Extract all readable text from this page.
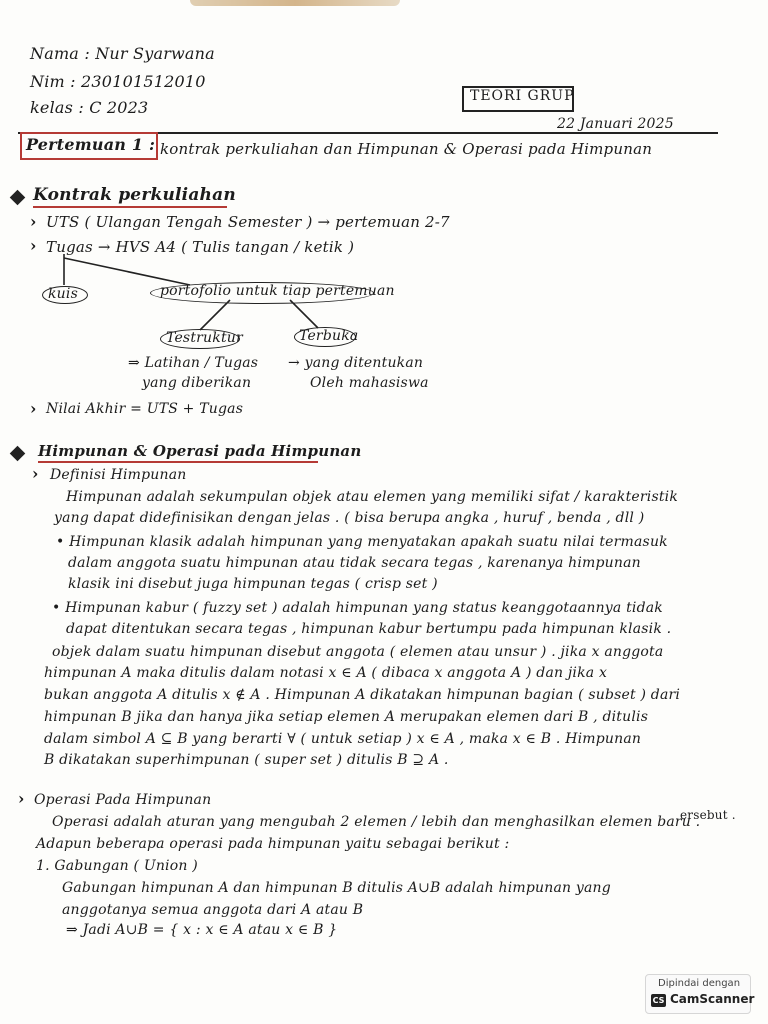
Nama : Nur Syarwana
Nim : 230101512010
kelas : C 2023
TEORI GRUP
22 Januari 2025
Pertemuan 1 : kontrak perkuliahan dan Himpunan & Operasi pada Himpunan
Kontrak perkuliahan
› UTS ( Ulangan Tengah Semester ) → pertemuan 2-7
› Tugas → HVS A4 ( Tulis tangan / ketik )
kuis	portofolio untuk tiap pertemuan
Testruktur	Terbuka
⇒ Latihan / Tugas
yang diberikan
→ yang ditentukan
Oleh mahasiswa
› Nilai Akhir = UTS + Tugas
Himpunan & Operasi pada Himpunan
› Definisi Himpunan
Himpunan adalah sekumpulan objek atau elemen yang memiliki sifat / karakteristik
yang dapat didefinisikan dengan jelas . ( bisa berupa angka , huruf , benda , dll )
• Himpunan klasik adalah himpunan yang menyatakan apakah suatu nilai termasuk
dalam anggota suatu himpunan atau tidak secara tegas , karenanya himpunan
klasik ini disebut juga himpunan tegas ( crisp set )
• Himpunan kabur ( fuzzy set ) adalah himpunan yang status keanggotaannya tidak
dapat ditentukan secara tegas , himpunan kabur bertumpu pada himpunan klasik .
objek dalam suatu himpunan disebut anggota ( elemen atau unsur ) . jika x anggota
himpunan A maka ditulis dalam notasi x ∈ A ( dibaca x anggota A ) dan jika x
bukan anggota A ditulis x ∉ A . Himpunan A dikatakan himpunan bagian ( subset ) dari
himpunan B jika dan hanya jika setiap elemen A merupakan elemen dari B , ditulis
dalam simbol A ⊆ B yang berarti ∀ ( untuk setiap ) x ∈ A , maka x ∈ B . Himpunan
B dikatakan superhimpunan ( super set ) ditulis B ⊇ A .
› Operasi Pada Himpunan
ersebut .
Operasi adalah aturan yang mengubah 2 elemen / lebih dan menghasilkan elemen baru .
Adapun beberapa operasi pada himpunan yaitu sebagai berikut :
1. Gabungan ( Union )
Gabungan himpunan A dan himpunan B ditulis A∪B adalah himpunan yang
anggotanya semua anggota dari A atau B
⇒ Jadi A∪B = { x : x ∈ A atau x ∈ B }
Dipindai dengan
CS CamScanner
